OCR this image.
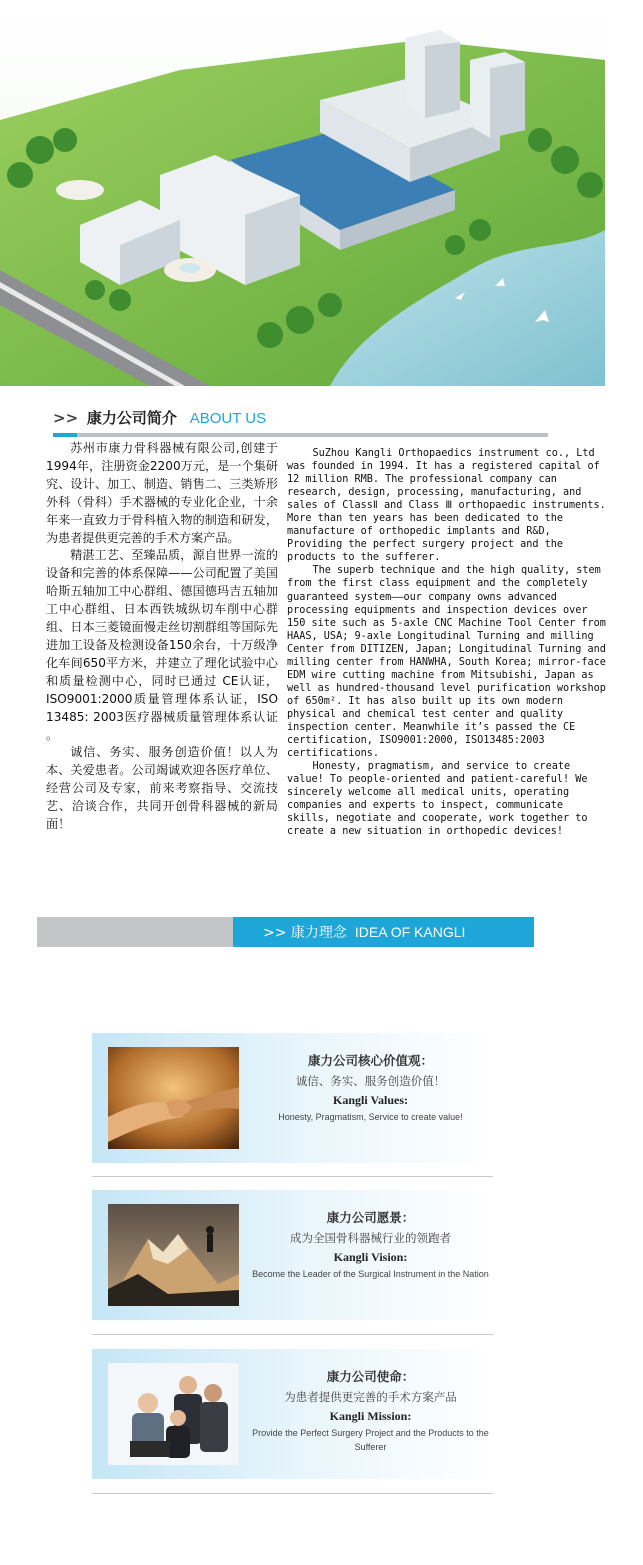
>> 康力公司简介 ABOUT US

苏州市康力骨科器械有限公司,创建于1994年，注册资金2200万元，是一个集研究、设计、加工、制造、销售二、三类矫形外科（骨科）手术器械的专业化企业，十余年来一直致力于骨科植入物的制造和研发，为患者提供更完善的手术方案产品。

精湛工艺、至臻品质，源自世界一流的设备和完善的体系保障——公司配置了美国哈斯五轴加工中心群组、德国德玛吉五轴加工中心群组、日本西铁城纵切车削中心群组、日本三菱镜面慢走丝切割群组等国际先进加工设备及检测设备150余台，十万级净化车间650平方米，并建立了理化试验中心和质量检测中心，同时已通过 CE认证，ISO9001:2000质量管理体系认证，ISO 13485: 2003医疗器械质量管理体系认证 。

诚信、务实、服务创造价值！以人为本、关爱患者。公司竭诚欢迎各医疗单位、经营公司及专家，前来考察指导、交流技艺、洽谈合作，共同开创骨科器械的新局面！

SuZhou Kangli Orthopaedics instrument co., Ltd was founded in 1994. It has a registered capital of 12 million RMB. The professional company can research, design, processing, manufacturing, and sales of ClassⅡ and Class Ⅲ orthopaedic instruments. More than ten years has been dedicated to the manufacture of orthopedic implants and R&D, Providing the perfect surgery project and the products to the sufferer.

The superb technique and the high quality, stem from the first class equipment and the completely guaranteed system——our company owns advanced processing equipments and inspection devices over 150 site such as 5-axle CNC Machine Tool Center from HAAS, USA; 9-axle Longitudinal Turning and milling Center from DITIZEN, Japan; Longitudinal Turning and milling center from HANWHA, South Korea; mirror-face EDM wire cutting machine from Mitsubishi, Japan as well as hundred-thousand level purification workshop of 650m². It has also built up its own modern physical and chemical test center and quality inspection center. Meanwhile it’s passed the CE certification, ISO9001:2000, ISO13485:2003 certifications.

Honesty, pragmatism, and service to create value! To people-oriented and patient-careful! We sincerely welcome all medical units, operating companies and experts to inspect, communicate skills, negotiate and cooperate, work together to create a new situation in orthopedic devices!

>> 康力理念 IDEA OF KANGLI
康力公司核心价值观：
诚信、务实、服务创造价值！
Kangli Values:
Honesty, Pragmatism, Service to create value!
康力公司愿景：
成为全国骨科器械行业的领跑者
Kangli Vision:
Become the Leader of the Surgical Instrument in the Nation
康力公司使命：
为患者提供更完善的手术方案产品
Kangli Mission:
Provide the Perfect Surgery Project and the Products to the Sufferer
